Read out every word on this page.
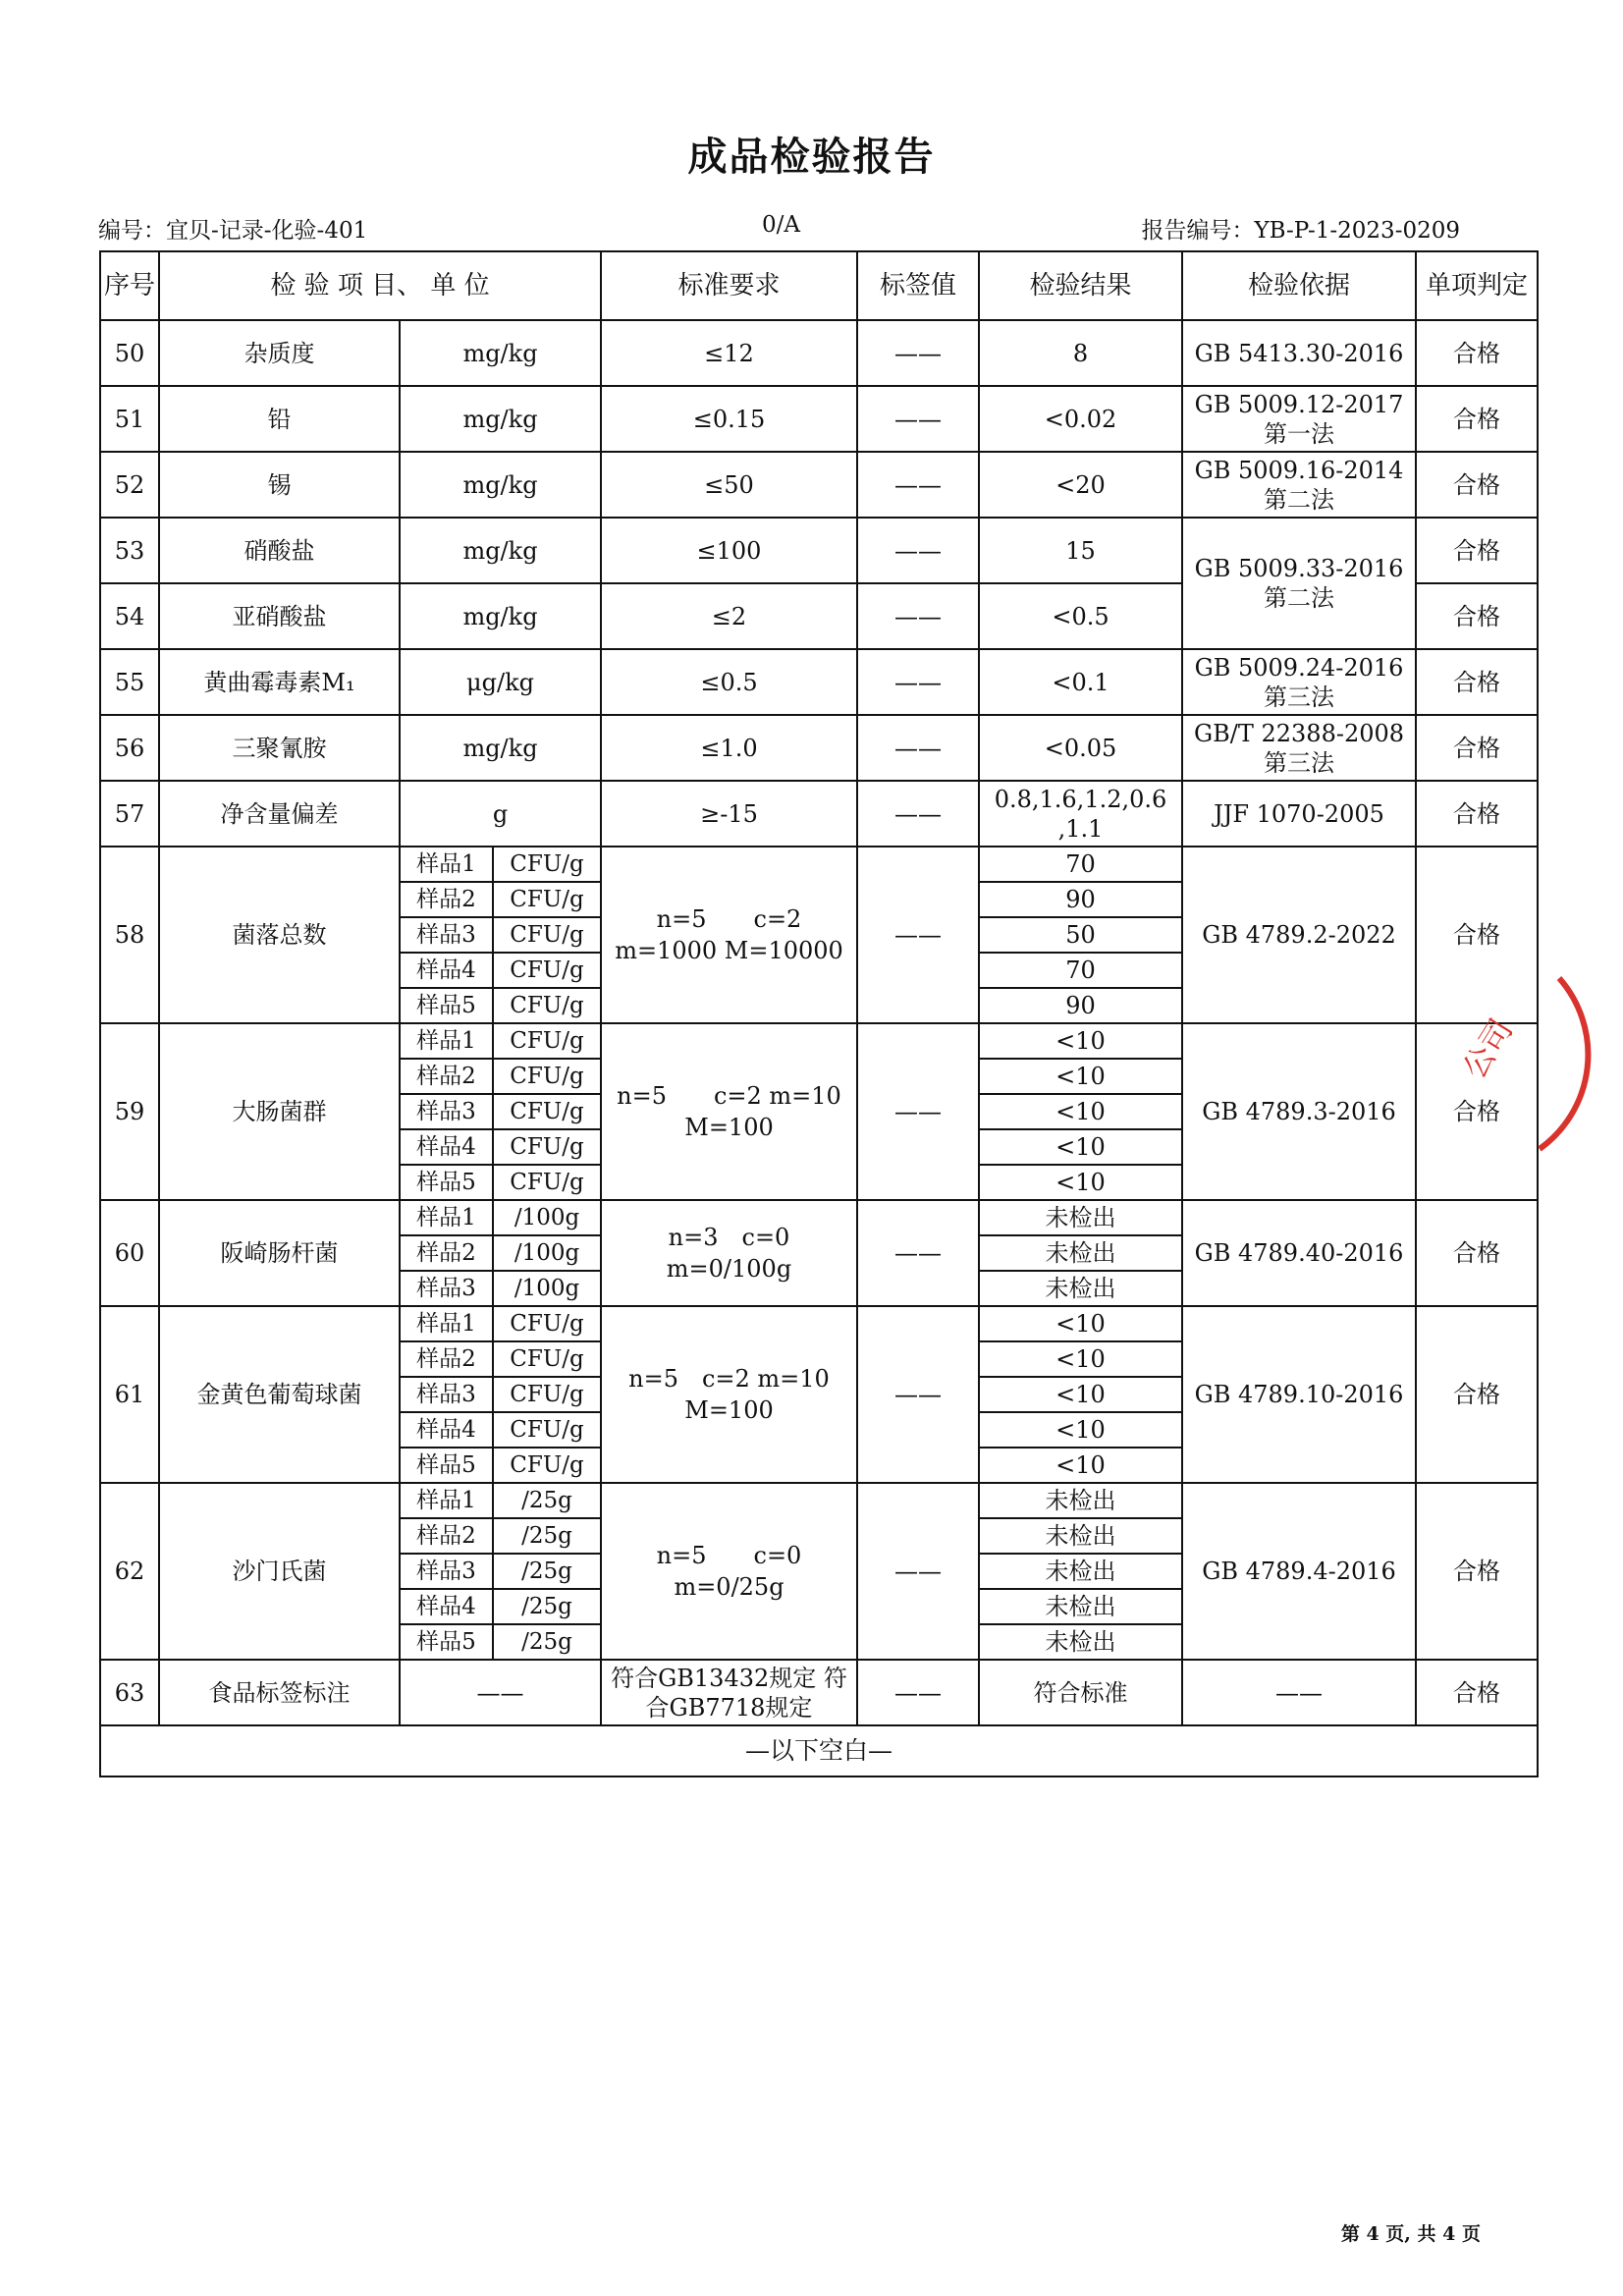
成品检验报告
编号：宜贝-记录-化验-401	0/A	报告编号：YB-P-1-2023-0209
序号	检 验 项 目、 单 位			标准要求	标签值	检验结果	检验依据	单项判定
50	杂质度	mg/kg		≤12	——	8	GB 5413.30-2016	合格
51	铅	mg/kg		≤0.15	——	<0.02	GB 5009.12-2017 第一法	合格
52	锡	mg/kg		≤50	——	<20	GB 5009.16-2014 第二法	合格
53	硝酸盐	mg/kg		≤100	——	15	GB 5009.33-2016 第二法	合格
54	亚硝酸盐	mg/kg		≤2	——	<0.5		合格
55	黄曲霉毒素M₁	μg/kg		≤0.5	——	<0.1	GB 5009.24-2016 第三法	合格
56	三聚氰胺	mg/kg		≤1.0	——	<0.05	GB/T 22388-2008 第三法	合格
57	净含量偏差	g		≥-15	——	0.8,1.6,1.2,0.6 ,1.1	JJF 1070-2005	合格
58	菌落总数	样品1	CFU/g	n=5　　c=2 m=1000 M=10000	——	70	GB 4789.2-2022	合格
		样品2	CFU/g			90		
		样品3	CFU/g			50		
		样品4	CFU/g			70		
		样品5	CFU/g			90		
59	大肠菌群	样品1	CFU/g	n=5　　c=2 m=10 M=100	——	<10	GB 4789.3-2016	合格
		样品2	CFU/g			<10		
		样品3	CFU/g			<10		
		样品4	CFU/g			<10		
		样品5	CFU/g			<10		
60	阪崎肠杆菌	样品1	/100g	n=3　c=0 m=0/100g	——	未检出	GB 4789.40-2016	合格
		样品2	/100g			未检出		
		样品3	/100g			未检出		
61	金黄色葡萄球菌	样品1	CFU/g	n=5　c=2 m=10 M=100	——	<10	GB 4789.10-2016	合格
		样品2	CFU/g			<10		
		样品3	CFU/g			<10		
		样品4	CFU/g			<10		
		样品5	CFU/g			<10		
62	沙门氏菌	样品1	/25g	n=5　　c=0 m=0/25g	——	未检出	GB 4789.4-2016	合格
		样品2	/25g			未检出		
		样品3	/25g			未检出		
		样品4	/25g			未检出		
		样品5	/25g			未检出		
63	食品标签标注	——		符合GB13432规定 符合GB7718规定	——	符合标准	——	合格
—以下空白—								
公司
第 4 页, 共 4 页
